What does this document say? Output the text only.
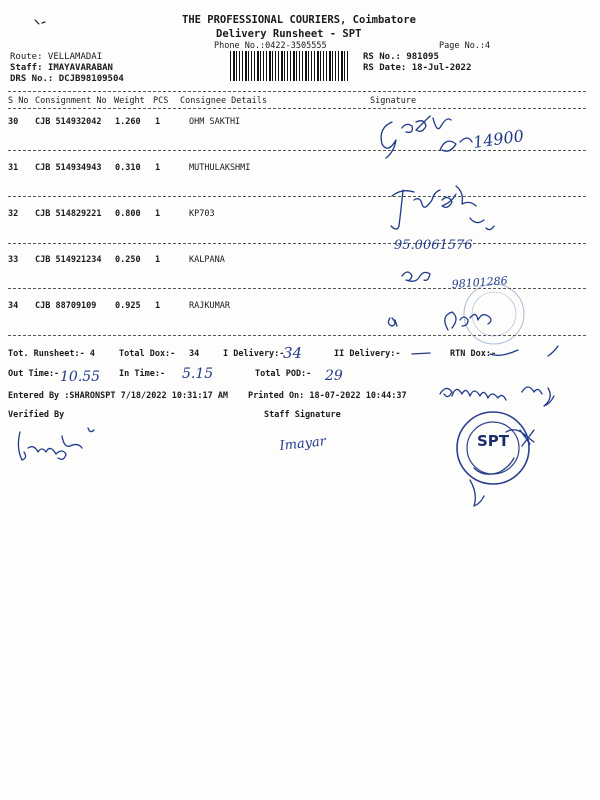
THE PROFESSIONAL COURIERS, Coimbatore
Delivery Runsheet - SPT
Phone No.:0422-3505555	Page No.:4
Route: VELLAMADAI
Staff: IMAYAVARABAN
DRS No.: DCJB98109504
RS No.: 981095
RS Date: 18-Jul-2022
S No Consignment No Weight PCS Consignee Details	Signature
30 CJB 514932042 1.260 1	OHM SAKTHI
31 CJB 514934943 0.310 1	MUTHULAKSHMI
32 CJB 514829221 0.800 1	KP703
33 CJB 514921234 0.250 1	KALPANA
34 CJB 88709109 0.925 1	RAJKUMAR
Tot. Runsheet:- 4	Total Dox:- 34	I Delivery:-	II Delivery:-	RTN Dox:-
Out Time:-	In Time:-	Total POD:-
Entered By :SHARONSPT 7/18/2022 10:31:17 AM Printed On: 18-07-2022 10:44:37
Verified By	Staff Signature
14900
95.0061576
98101286
34
10.55	5.15	29
Imayar	SPT
